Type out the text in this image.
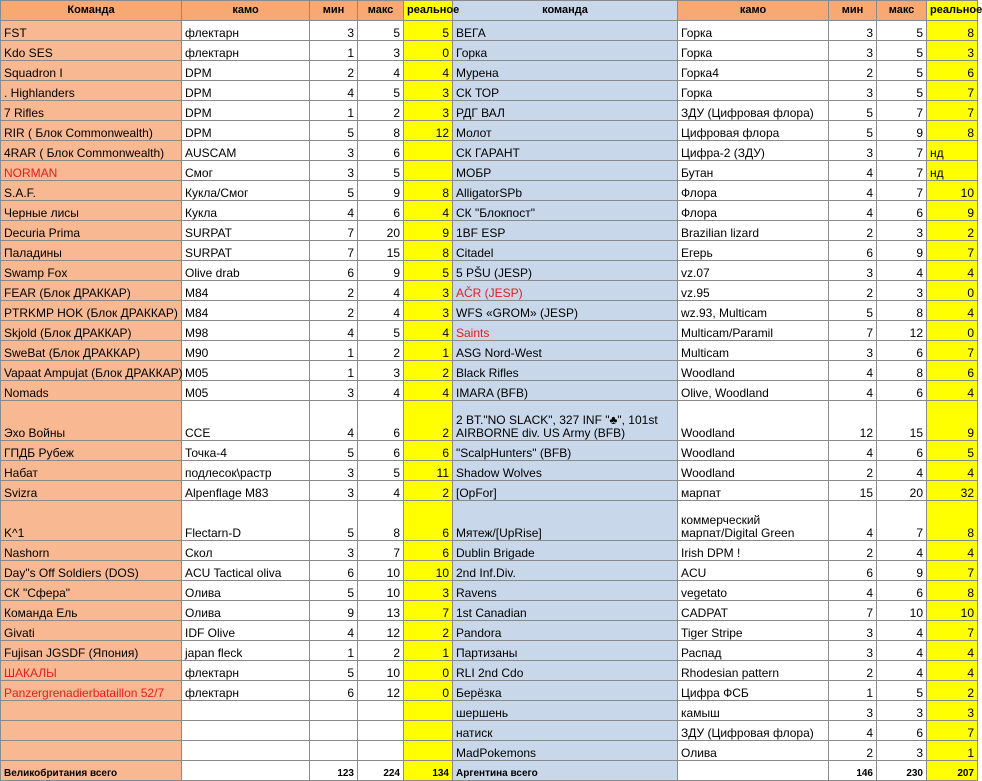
Команда	камо	мин	макс	реальное	команда	камо	мин	макс	реальное
FST	флектарн	3	5	5	ВЕГА	Горка	3	5	8
Kdo SES	флектарн	1	3	0	Горка	Горка	3	5	3
Squadron I	DPM	2	4	4	Мурена	Горка4	2	5	6
. Highlanders	DPM	4	5	3	СК ТОР	Горка	3	5	7
7 Rifles	DPM	1	2	3	РДГ ВАЛ	ЗДУ (Цифровая флора)	5	7	7
RIR ( Блок Commonwealth)	DPM	5	8	12	Молот	Цифровая флора	5	9	8
4RAR ( Блок Commonwealth)	AUSCAM	3	6		СК ГАРАНТ	Цифра-2 (ЗДУ)	3	7	нд
NORMAN	Смог	3	5		МОБР	Бутан	4	7	нд
S.A.F.	Кукла/Смог	5	9	8	AlligatorSPb	Флора	4	7	10
Черные лисы	Кукла	4	6	4	СК "Блокпост"	Флора	4	6	9
Decuria Prima	SURPAT	7	20	9	1BF ESP	Brazilian lizard	2	3	2
Паладины	SURPAT	7	15	8	Citadel	Егерь	6	9	7
Swamp Fox	Olive drab	6	9	5	5 PŠU (JESP)	vz.07	3	4	4
FEAR (Блок ДРАККАР)	M84	2	4	3	AČR (JESP)	vz.95	2	3	0
PTRKMP HOK (Блок ДРАККАР)	M84	2	4	3	WFS «GROM» (JESP)	wz.93, Multicam	5	8	4
Skjold (Блок ДРАККАР)	M98	4	5	4	Saints	Multicam/Paramil	7	12	0
SweBat (Блок ДРАККАР)	M90	1	2	1	ASG Nord-West	Multicam	3	6	7
Vapaat Ampujat (Блок ДРАККАР)	M05	1	3	2	Black Rifles	Woodland	4	8	6
Nomads	M05	3	4	4	IMARA (BFB)	Olive, Woodland	4	6	4
Эхо Войны	CCE	4	6	2	2 BT."NO SLACK", 327 INF "♣", 101st AIRBORNE div. US Army (BFB)	Woodland	12	15	9
ГПДБ Рубеж	Точка-4	5	6	6	"ScalpHunters" (BFB)	Woodland	4	6	5
Набат	подлесок\растр	3	5	11	Shadow Wolves	Woodland	2	4	4
Svizra	Alpenflage M83	3	4	2	[OpFor]	марпат	15	20	32
K^1	Flectarn-D	5	8	6	Мятеж/[UpRise]	коммерческий марпат/Digital Green	4	7	8
Nashorn	Скол	3	7	6	Dublin Brigade	Irish DPM !	2	4	4
Day"s Off Soldiers (DOS)	ACU Tactical oliva	6	10	10	2nd Inf.Div.	ACU	6	9	7
СК "Сфера"	Олива	5	10	3	Ravens	vegetato	4	6	8
Команда Ель	Олива	9	13	7	1st Canadian	CADPAT	7	10	10
Givati	IDF Olive	4	12	2	Pandora	Tiger Stripe	3	4	7
Fujisan JGSDF (Япония)	japan fleck	1	2	1	Партизаны	Распад	3	4	4
ШАКАЛЫ	флектарн	5	10	0	RLI 2nd Cdo	Rhodesian pattern	2	4	4
Panzergrenadierbataillon 52/7	флектарн	6	12	0	Берёзка	Цифра ФСБ	1	5	2
					шершень	камыш	3	3	3
					натиск	ЗДУ (Цифровая флора)	4	6	7
					MadPokemons	Олива	2	3	1
Великобритания всего		123	224	134	Аргентина всего		146	230	207
